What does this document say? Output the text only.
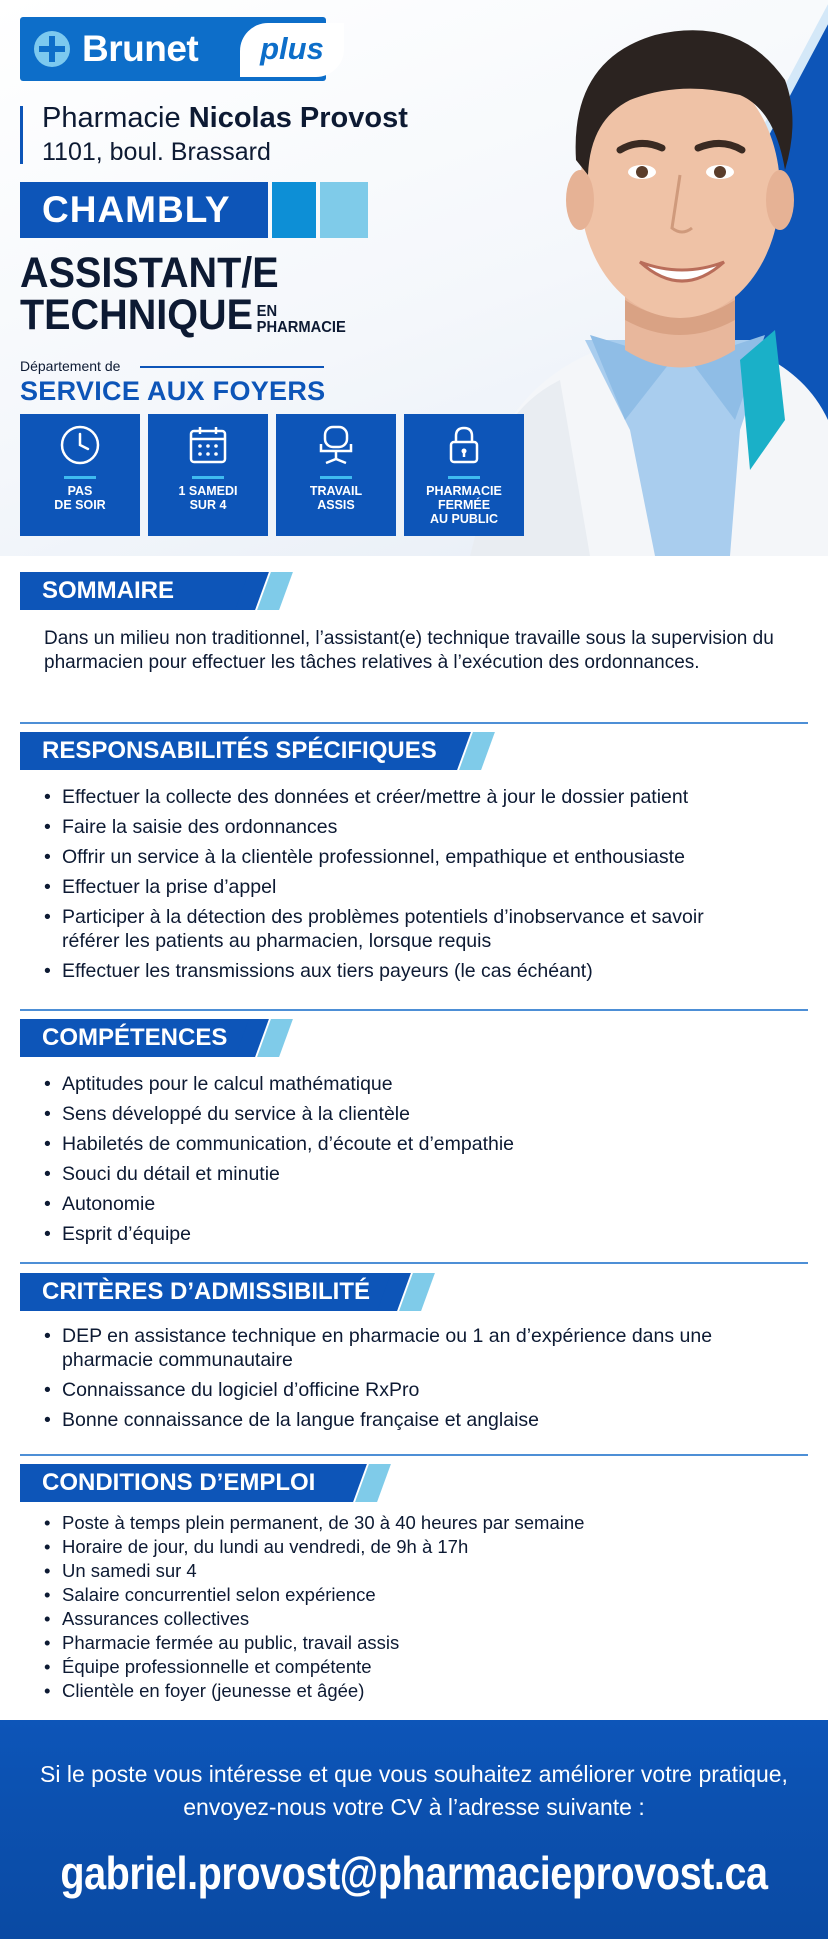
Brunet	plus
Pharmacie Nicolas Provost
1101, boul. Brassard
CHAMBLY
ASSISTANT/E
TECHNIQUE EN
PHARMACIE
Département de
SERVICE AUX FOYERS
PAS
DE SOIR
1 SAMEDI
SUR 4
TRAVAIL
ASSIS
PHARMACIE
FERMÉE
AU PUBLIC
SOMMAIRE
Dans un milieu non traditionnel, l’assistant(e) technique travaille sous la supervision du pharmacien pour effectuer les tâches relatives à l’exécution des ordonnances.
RESPONSABILITÉS SPÉCIFIQUES
• Effectuer la collecte des données et créer/mettre à jour le dossier patient
• Faire la saisie des ordonnances
• Offrir un service à la clientèle professionnel, empathique et enthousiaste
• Effectuer la prise d’appel
• Participer à la détection des problèmes potentiels d’inobservance et savoir référer les patients au pharmacien, lorsque requis
• Effectuer les transmissions aux tiers payeurs (le cas échéant)
COMPÉTENCES
• Aptitudes pour le calcul mathématique
• Sens développé du service à la clientèle
• Habiletés de communication, d’écoute et d’empathie
• Souci du détail et minutie
• Autonomie
• Esprit d’équipe
CRITÈRES D’ADMISSIBILITÉ
• DEP en assistance technique en pharmacie ou 1 an d’expérience dans une pharmacie communautaire
• Connaissance du logiciel d’officine RxPro
• Bonne connaissance de la langue française et anglaise
CONDITIONS D’EMPLOI
• Poste à temps plein permanent, de 30 à 40 heures par semaine
• Horaire de jour, du lundi au vendredi, de 9h à 17h
• Un samedi sur 4
• Salaire concurrentiel selon expérience
• Assurances collectives
• Pharmacie fermée au public, travail assis
• Équipe professionnelle et compétente
• Clientèle en foyer (jeunesse et âgée)
Si le poste vous intéresse et que vous souhaitez améliorer votre pratique, envoyez-nous votre CV à l’adresse suivante :
gabriel.provost@pharmacieprovost.ca
